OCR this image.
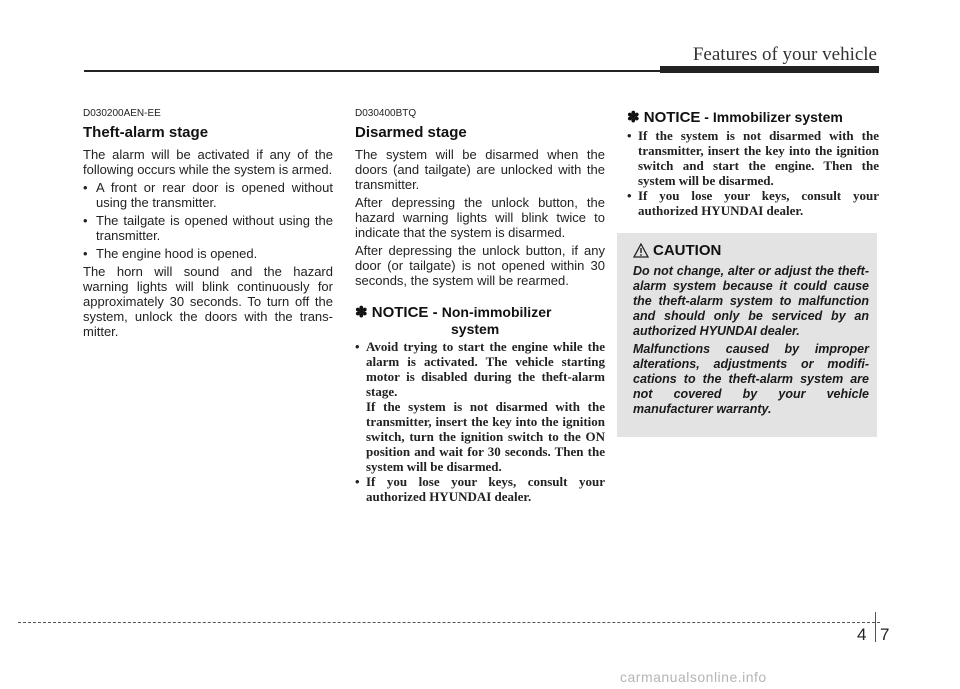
Features of your vehicle
D030200AEN-EE
Theft-alarm stage

The alarm will be activated if any of the following occurs while the system is armed.

• A front or rear door is opened without using the transmitter.

• The tailgate is opened without using the transmitter.

• The engine hood is opened.

The horn will sound and the hazard warning lights will blink continuously for approximately 30 seconds. To turn off the system, unlock the doors with the trans-mitter.

D030400BTQ
Disarmed stage

The system will be disarmed when the doors (and tailgate) are unlocked with the transmitter.

After depressing the unlock button, the hazard warning lights will blink twice to indicate that the system is disarmed.

After depressing the unlock button, if any door (or tailgate) is not opened within 30 seconds, the system will be rearmed.

✽ NOTICE - Non-immobilizer
system

• Avoid trying to start the engine while the alarm is activated. The vehicle starting motor is disabled during the theft-alarm stage.

If the system is not disarmed with the transmitter, insert the key into the ignition switch, turn the ignition switch to the ON position and wait for 30 seconds. Then the system will be disarmed.

• If you lose your keys, consult your authorized HYUNDAI dealer.

✽ NOTICE - Immobilizer system

• If the system is not disarmed with the transmitter, insert the key into the ignition switch and start the engine. Then the system will be disarmed.

• If you lose your keys, consult your authorized HYUNDAI dealer.

CAUTION

Do not change, alter or adjust the theft-alarm system because it could cause the theft-alarm system to malfunction and should only be serviced by an authorized HYUNDAI dealer.

Malfunctions caused by improper alterations, adjustments or modifi-cations to the theft-alarm system are not covered by your vehicle manufacturer warranty.

4 7
carmanualsonline.info
